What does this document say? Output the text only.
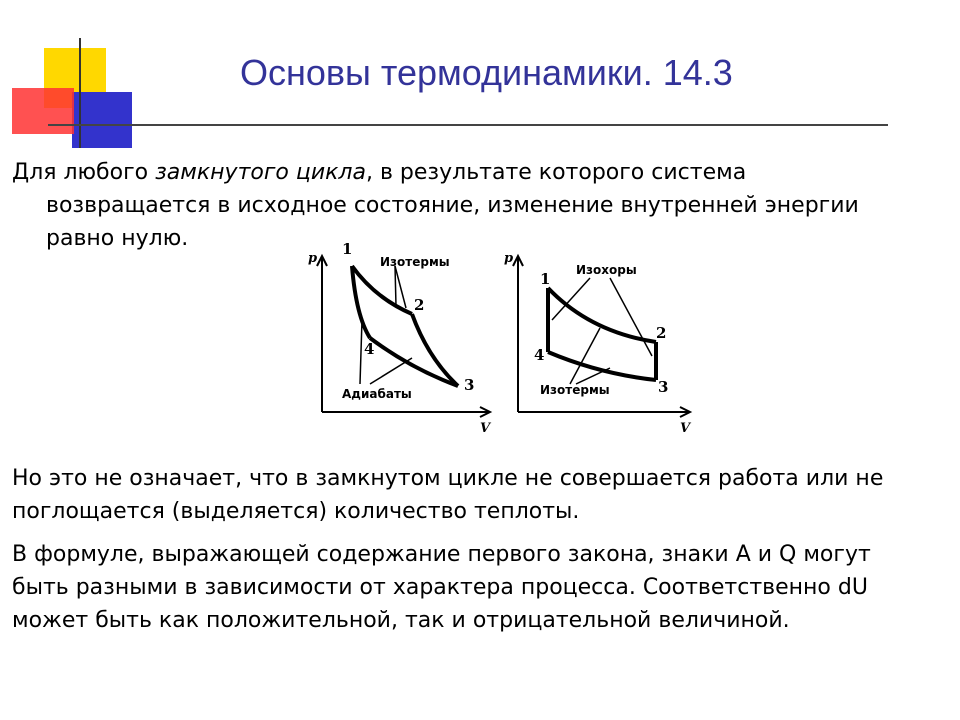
Основы термодинамики. 14.3

Для любого замкнутого цикла, в результате которого система

возвращается в исходное состояние, изменение внутренней энергии

равно нулю.

p
V
1
2
3
4
Изотермы
Адиабаты
p
V
1
2
3
4
Изохоры
Изотермы

Но это не означает, что в замкнутом цикле не совершается работа или не

поглощается (выделяется) количество теплоты.

В формуле, выражающей содержание первого закона, знаки A и Q могут

быть разными в зависимости от характера процесса. Соответственно dU

может быть как положительной, так и отрицательной величиной.
